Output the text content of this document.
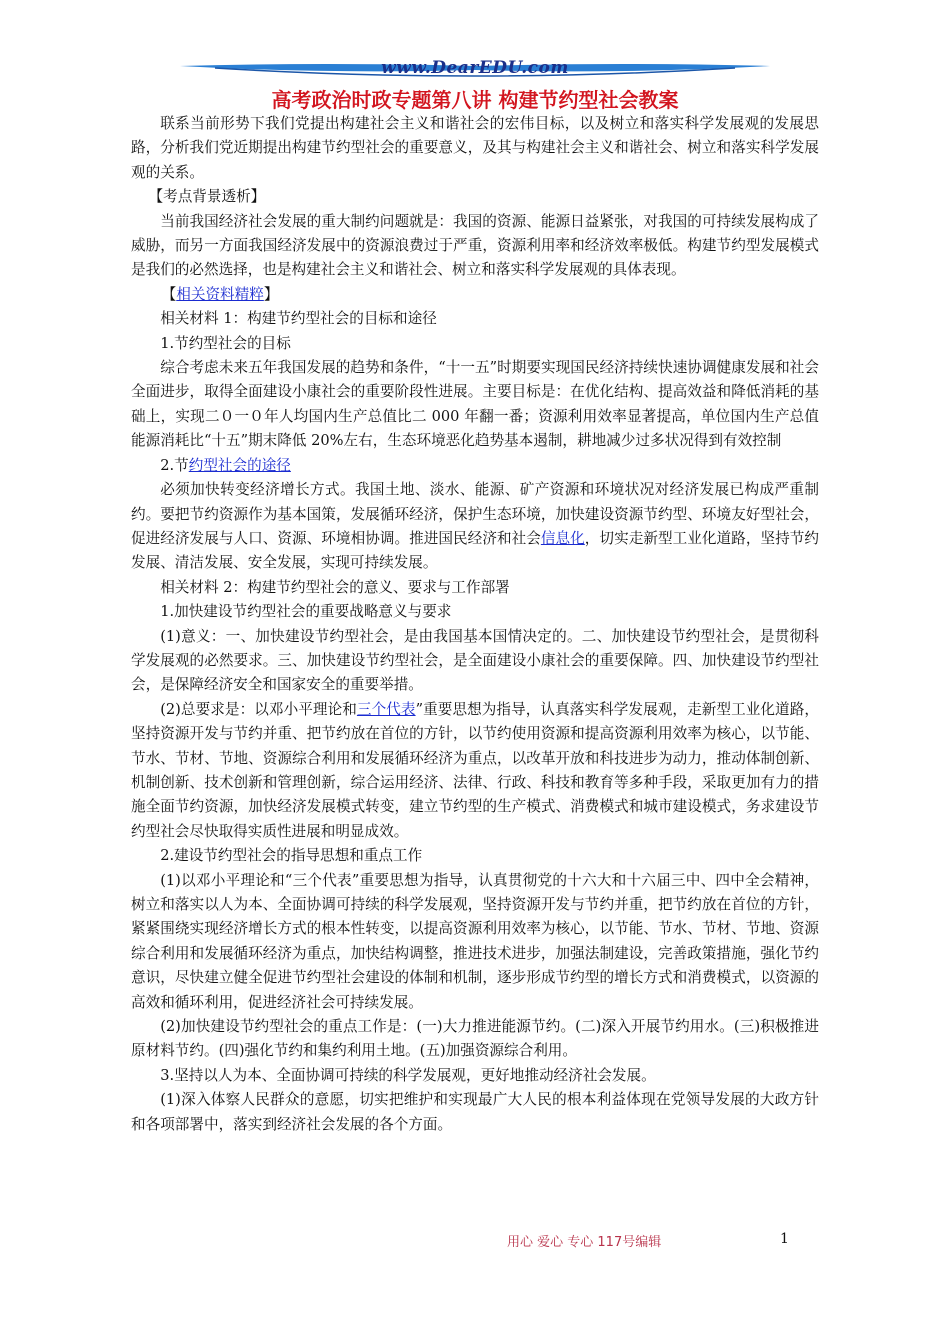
www.DearEDU.com
高考政治时政专题第八讲 构建节约型社会教案

联系当前形势下我们党提出构建社会主义和谐社会的宏伟目标，以及树立和落实科学发展观的发展思路，分析我们党近期提出构建节约型社会的重要意义，及其与构建社会主义和谐社会、树立和落实科学发展观的关系。

【考点背景透析】

当前我国经济社会发展的重大制约问题就是：我国的资源、能源日益紧张，对我国的可持续发展构成了威胁，而另一方面我国经济发展中的资源浪费过于严重，资源利用率和经济效率极低。构建节约型发展模式是我们的必然选择，也是构建社会主义和谐社会、树立和落实科学发展观的具体表现。

【相关资料精粹】

相关材料 1：构建节约型社会的目标和途径

1.节约型社会的目标

综合考虑未来五年我国发展的趋势和条件，“十一五”时期要实现国民经济持续快速协调健康发展和社会全面进步，取得全面建设小康社会的重要阶段性进展。主要目标是：在优化结构、提高效益和降低消耗的基础上，实现二０一０年人均国内生产总值比二 000 年翻一番；资源利用效率显著提高，单位国内生产总值能源消耗比“十五”期末降低 20%左右，生态环境恶化趋势基本遏制，耕地减少过多状况得到有效控制

2.节约型社会的途径

必须加快转变经济增长方式。我国土地、淡水、能源、矿产资源和环境状况对经济发展已构成严重制约。要把节约资源作为基本国策，发展循环经济，保护生态环境，加快建设资源节约型、环境友好型社会，促进经济发展与人口、资源、环境相协调。推进国民经济和社会信息化，切实走新型工业化道路，坚持节约发展、清洁发展、安全发展，实现可持续发展。

相关材料 2：构建节约型社会的意义、要求与工作部署

1.加快建设节约型社会的重要战略意义与要求

(1)意义：一、加快建设节约型社会，是由我国基本国情决定的。二、加快建设节约型社会，是贯彻科学发展观的必然要求。三、加快建设节约型社会，是全面建设小康社会的重要保障。四、加快建设节约型社会，是保障经济安全和国家安全的重要举措。

(2)总要求是：以邓小平理论和三个代表”重要思想为指导，认真落实科学发展观，走新型工业化道路，坚持资源开发与节约并重、把节约放在首位的方针，以节约使用资源和提高资源利用效率为核心，以节能、节水、节材、节地、资源综合利用和发展循环经济为重点，以改革开放和科技进步为动力，推动体制创新、机制创新、技术创新和管理创新，综合运用经济、法律、行政、科技和教育等多种手段，采取更加有力的措施全面节约资源，加快经济发展模式转变，建立节约型的生产模式、消费模式和城市建设模式，务求建设节约型社会尽快取得实质性进展和明显成效。

2.建设节约型社会的指导思想和重点工作

(1)以邓小平理论和“三个代表”重要思想为指导，认真贯彻党的十六大和十六届三中、四中全会精神，树立和落实以人为本、全面协调可持续的科学发展观，坚持资源开发与节约并重，把节约放在首位的方针，紧紧围绕实现经济增长方式的根本性转变，以提高资源利用效率为核心，以节能、节水、节材、节地、资源综合利用和发展循环经济为重点，加快结构调整，推进技术进步，加强法制建设，完善政策措施，强化节约意识，尽快建立健全促进节约型社会建设的体制和机制，逐步形成节约型的增长方式和消费模式，以资源的高效和循环利用，促进经济社会可持续发展。

(2)加快建设节约型社会的重点工作是：(一)大力推进能源节约。(二)深入开展节约用水。(三)积极推进原材料节约。(四)强化节约和集约利用土地。(五)加强资源综合利用。

3.坚持以人为本、全面协调可持续的科学发展观，更好地推动经济社会发展。

(1)深入体察人民群众的意愿，切实把维护和实现最广大人民的根本利益体现在党领导发展的大政方针和各项部署中，落实到经济社会发展的各个方面。

用心 爱心 专心 117号编辑	1
